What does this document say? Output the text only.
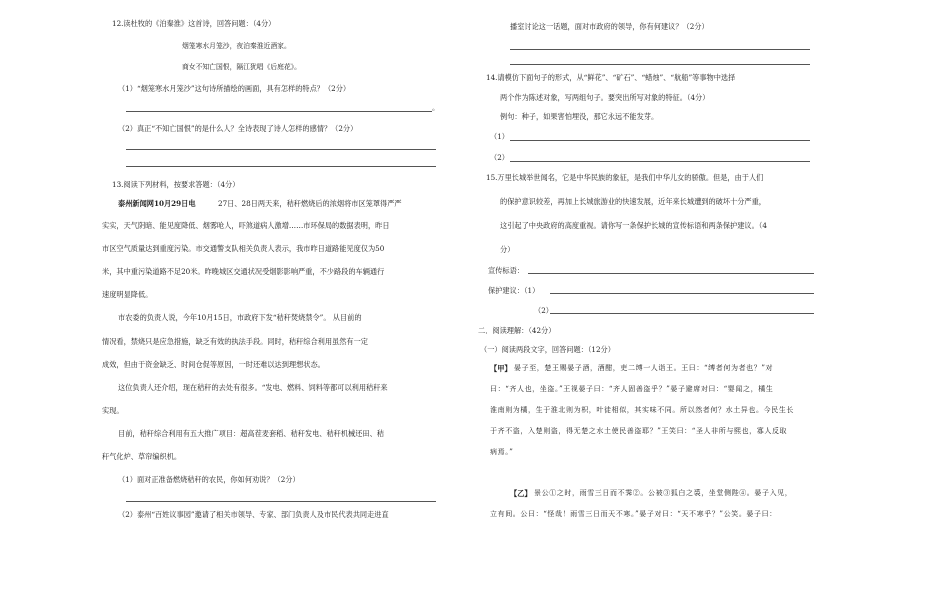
12.读杜牧的《泊秦淮》这首诗，回答问题：（4分）
烟笼寒水月笼沙，夜泊秦淮近酒家。
商女不知亡国恨，隔江犹唱《后庭花》。
（1）“烟笼寒水月笼沙”这句诗所描绘的画面，具有怎样的特点？（2分）
。
（2）真正“不知亡国恨”的是什么人？全诗表现了诗人怎样的感情？（2分）
13.阅读下列材料，按要求答题：（4分）
泰州新闻网10月29日电	27日、28日两天来，秸秆燃烧后的浓烟将市区笼罩得严严
实实，天气阴暗、能见度降低、烟雾呛人，吓煞道病人激增……市环保局的数据表明，昨日
市区空气质量达到重度污染。市交通警支队相关负责人表示，我市昨日道路能见度仅为50
米，其中重污染道路不足20米。昨晚城区交通状况受烟影影响严重，不少路段的车辆通行
速度明显降低。
市农委的负责人说，今年10月15日，市政府下发“秸秆焚烧禁令”。 从目前的
情况看，禁烧只是应急措施，缺乏有效的执法手段。同时，秸秆综合利用虽然有一定
成效，但由于资金缺乏、时间仓促等原因，一时还难以达到理想状态。
这位负责人还介绍，现在秸秆的去处有很多。“发电、燃料、饲料等都可以利用秸秆来
实现。
目前，秸秆综合利用有五大推广项目：超高茬麦套稻、秸秆发电、秸秆机械还田、秸
秆气化炉、草帘编织机。
（1）面对正准备燃烧秸秆的农民，你如何劝说？（2分）
（2）泰州“百姓议事园”邀请了相关市领导、专家、部门负责人及市民代表共同走进直
播室讨论这一话题，面对市政府的领导，你有何建议？（2分）
14.请模仿下面句子的形式，从“鲜花”、“矿石”、“蜡烛”、“航船”等事物中选择
两个作为陈述对象，写两组句子。要突出所写对象的特征。（4分）
例句：种子，如果害怕埋没，那它永远不能发芽。
（1）
（2）
15.万里长城举世闻名，它是中华民族的象征，是我们中华儿女的骄傲。但是，由于人们
的保护意识较差，再加上长城旅游业的快速发展，近年来长城遭到的破坏十分严重，
这引起了中央政府的高度重视。请你写一条保护长城的宣传标语和两条保护建议。（4
分）
宣传标语：
保护建议：（1）
（2）
二．阅读理解：（42分）
（一）阅读两段文字，回答问题：（12分）
【甲】 晏子至，楚王赐晏子酒，酒酣，吏二缚一人诣王。王曰：“缚者何为者也？”对
曰：“齐人也，坐盗。”王视晏子曰：“齐人固善盗乎？”晏子避席对曰：“婴闻之，橘生
淮南则为橘，生于淮北则为枳，叶徒相似，其实味不同。所以然者何？水土异也。今民生长
于齐不盗，入楚则盗，得无楚之水土使民善盗耶？”王笑曰：“圣人非所与熙也，寡人反取
病焉。”
【乙】 景公①之时，雨雪三日而不霁②。公被③狐白之裘，坐堂侧陛④。晏子入见，
立有间。公曰：“怪哉！雨雪三日而天不寒。”晏子对曰：“天不寒乎？”公笑。晏子曰：
